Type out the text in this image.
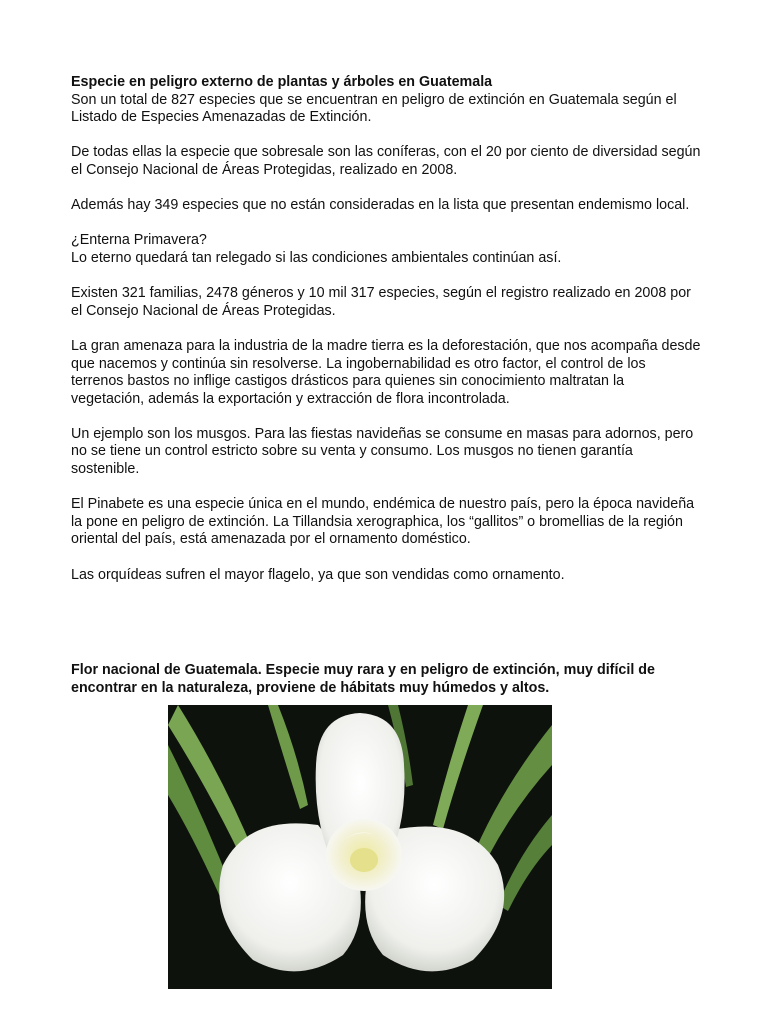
Especie en peligro externo de plantas y árboles en Guatemala
Son un total de 827 especies que se encuentran en peligro de extinción en Guatemala según el Listado de Especies Amenazadas de Extinción.

De todas ellas la especie que sobresale son las coníferas, con el 20 por ciento de diversidad según el Consejo Nacional de Áreas Protegidas, realizado en 2008.

Además hay 349 especies que no están consideradas en la lista que presentan endemismo local.

¿Enterna Primavera?
Lo eterno quedará tan relegado si las condiciones ambientales continúan así.

Existen 321 familias, 2478 géneros y 10 mil 317 especies, según el registro realizado en 2008 por el Consejo Nacional de Áreas Protegidas.

La gran amenaza para la industria de la madre tierra es la deforestación, que nos acompaña desde que nacemos y continúa sin resolverse. La ingobernabilidad es otro factor, el control de los terrenos bastos no inflige castigos drásticos para quienes sin conocimiento maltratan la vegetación, además la exportación y extracción de flora incontrolada.

Un ejemplo son los musgos. Para las fiestas navideñas se consume en masas para adornos, pero no se tiene un control estricto sobre su venta y consumo. Los musgos no tienen garantía sostenible.

El Pinabete es una especie única en el mundo, endémica de nuestro país, pero la época navideña la pone en peligro de extinción. La Tillandsia xerographica, los “gallitos” o bromellias de la región oriental del país, está amenazada por el ornamento doméstico.

Las orquídeas sufren el mayor flagelo, ya que son vendidas como ornamento.

Flor nacional de Guatemala. Especie muy rara y en peligro de extinción, muy difícil de encontrar en la naturaleza, proviene de hábitats muy húmedos y altos.
